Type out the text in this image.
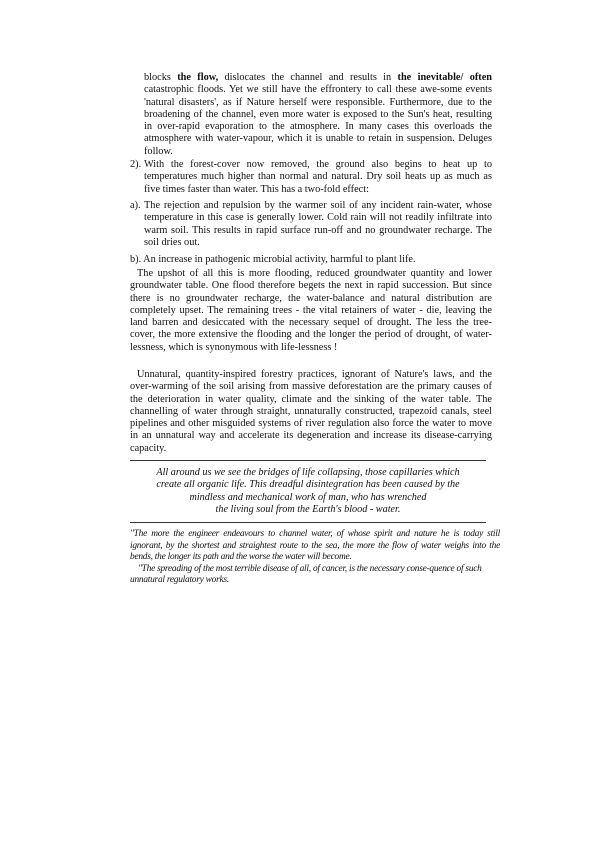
blocks the flow, dislocates the channel and results in the inevitable/ often catastrophic floods. Yet we still have the effrontery to call these awe-some events 'natural disasters', as if Nature herself were responsible. Furthermore, due to the broadening of the channel, even more water is exposed to the Sun's heat, resulting in over-rapid evaporation to the atmosphere. In many cases this overloads the atmosphere with water-vapour, which it is unable to retain in suspension. Deluges follow.

2). With the forest-cover now removed, the ground also begins to heat up to temperatures much higher than normal and natural. Dry soil heats up as much as five times faster than water. This has a two-fold effect:

a). The rejection and repulsion by the warmer soil of any incident rain-water, whose temperature in this case is generally lower. Cold rain will not readily infiltrate into warm soil. This results in rapid surface run-off and no groundwater recharge. The soil dries out.

b). An increase in pathogenic microbial activity, harmful to plant life.

The upshot of all this is more flooding, reduced groundwater quantity and lower groundwater table. One flood therefore begets the next in rapid succession. But since there is no groundwater recharge, the water-balance and natural distribution are completely upset. The remaining trees - the vital retainers of water - die, leaving the land barren and desiccated with the necessary sequel of drought. The less the tree-cover, the more extensive the flooding and the longer the period of drought, of water-lessness, which is synonymous with life-lessness !

Unnatural, quantity-inspired forestry practices, ignorant of Nature's laws, and the over-warming of the soil arising from massive deforestation are the primary causes of the deterioration in water quality, climate and the sinking of the water table. The channelling of water through straight, unnaturally constructed, trapezoid canals, steel pipelines and other misguided systems of river regulation also force the water to move in an unnatural way and accelerate its degeneration and increase its disease-carrying capacity.

All around us we see the bridges of life collapsing, those capillaries which

create all organic life. This dreadful disintegration has been caused by the

mindless and mechanical work of man, who has wrenched

the living soul from the Earth's blood - water.

"The more the engineer endeavours to channel water, of whose spirit and nature he is today still ignorant, by the shortest and straightest route to the sea, the more the flow of water weighs into the bends, the longer its path and the worse the water will become.

"The spreading of the most terrible disease of all, of cancer, is the necessary conse-quence of such unnatural regulatory works.
